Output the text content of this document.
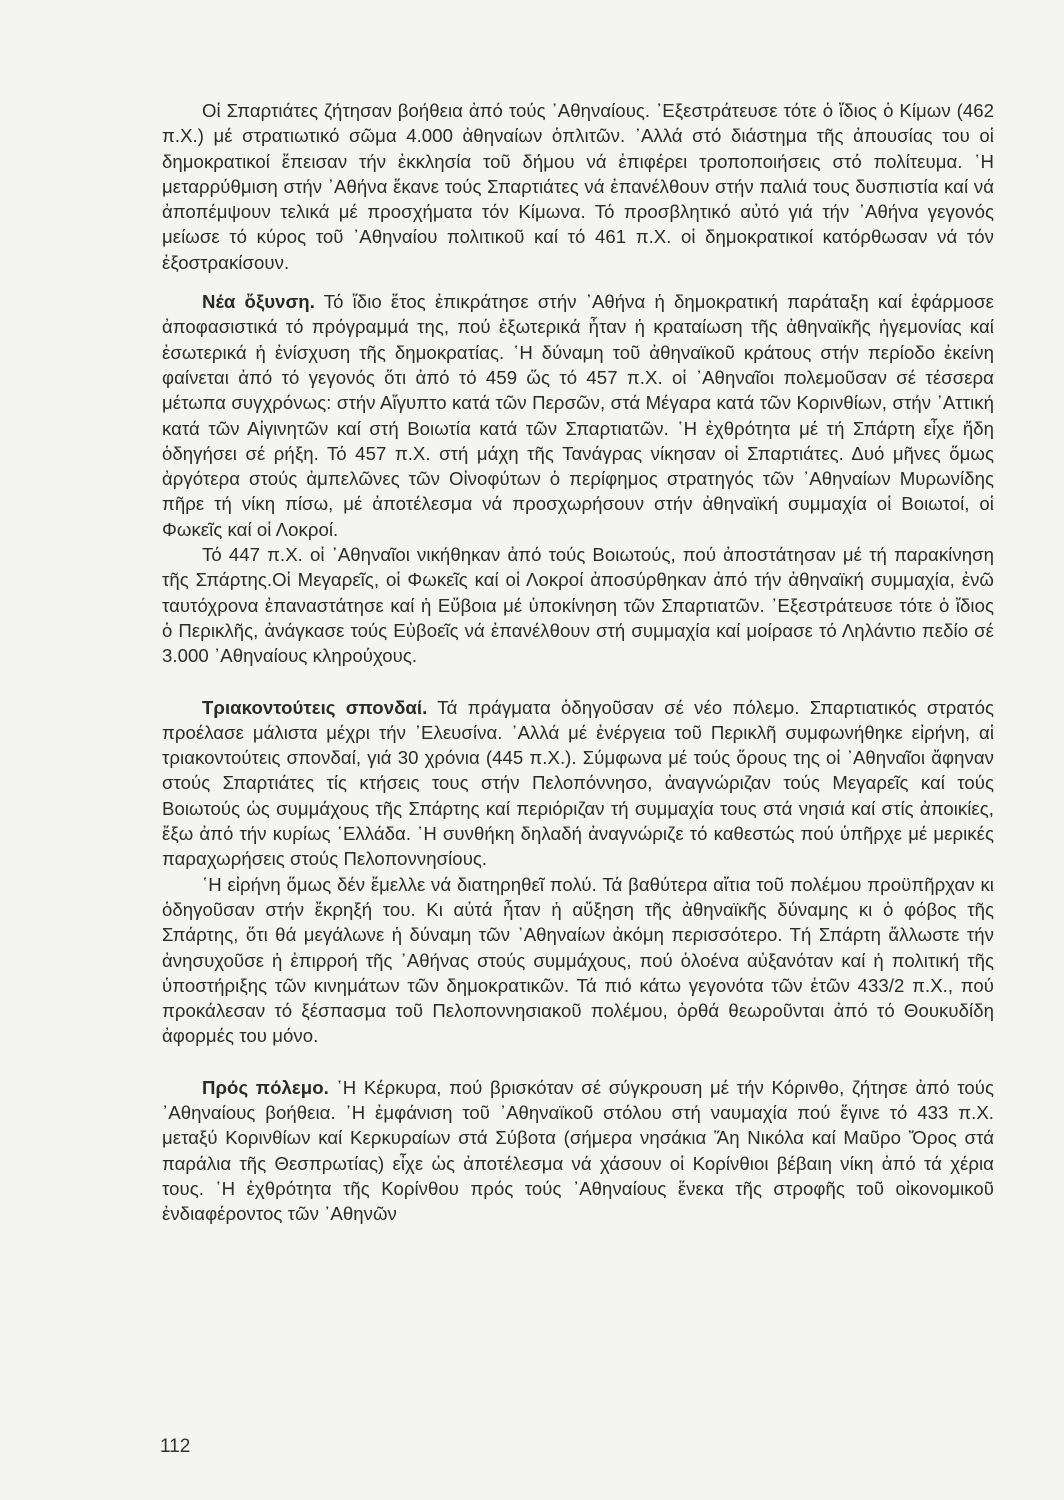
Οἱ Σπαρτιάτες ζήτησαν βοήθεια ἀπό τούς ᾿Αθηναίους. ᾿Εξεστράτευσε τότε ὁ ἴδιος ὁ Κίμων (462 π.Χ.) μέ στρατιωτικό σῶμα 4.000 ἀθηναίων ὁπλιτῶν. ᾿Αλλά στό διάστημα τῆς ἀπουσίας του οἱ δημοκρατικοί ἔπεισαν τήν ἐκκλησία τοῦ δήμου νά ἐπιφέρει τροποποιήσεις στό πολίτευμα. ῾Η μεταρρύθμιση στήν ᾿Αθήνα ἔκανε τούς Σπαρτιάτες νά ἐπανέλθουν στήν παλιά τους δυσπιστία καί νά ἀποπέμψουν τελικά μέ προσχήματα τόν Κίμωνα. Τό προσβλητικό αὐτό γιά τήν ᾿Αθήνα γεγονός μείωσε τό κύρος τοῦ ᾿Αθηναίου πολιτικοῦ καί τό 461 π.Χ. οἱ δημοκρατικοί κατόρθωσαν νά τόν ἐξοστρακίσουν.

Νέα ὄξυνση. Τό ἴδιο ἔτος ἐπικράτησε στήν ᾿Αθήνα ἡ δημοκρατική παράταξη καί ἐφάρμοσε ἀποφασιστικά τό πρόγραμμά της, πού ἐξωτερικά ἦταν ἡ κραταίωση τῆς ἀθηναϊκῆς ἡγεμονίας καί ἐσωτερικά ἡ ἐνίσχυση τῆς δημοκρατίας. ῾Η δύναμη τοῦ ἀθηναϊκοῦ κράτους στήν περίοδο ἐκείνη φαίνεται ἀπό τό γεγονός ὅτι ἀπό τό 459 ὥς τό 457 π.Χ. οἱ ᾿Αθηναῖοι πολεμοῦσαν σέ τέσσερα μέτωπα συγχρόνως: στήν Αἴγυπτο κατά τῶν Περσῶν, στά Μέγαρα κατά τῶν Κορινθίων, στήν ᾿Αττική κατά τῶν Αἰγινητῶν καί στή Βοιωτία κατά τῶν Σπαρτιατῶν. ῾Η ἐχθρότητα μέ τή Σπάρτη εἶχε ἤδη ὁδηγήσει σέ ρήξη. Τό 457 π.Χ. στή μάχη τῆς Τανάγρας νίκησαν οἱ Σπαρτιάτες. Δυό μῆνες ὅμως ἀργότερα στούς ἀμπελῶνες τῶν Οἰνοφύτων ὁ περίφημος στρατηγός τῶν ᾿Αθηναίων Μυρωνίδης πῆρε τή νίκη πίσω, μέ ἀποτέλεσμα νά προσχωρήσουν στήν ἀθηναϊκή συμμαχία οἱ Βοιωτοί, οἱ Φωκεῖς καί οἱ Λοκροί.

Τό 447 π.Χ. οἱ ᾿Αθηναῖοι νικήθηκαν ἀπό τούς Βοιωτούς, πού ἀποστάτησαν μέ τή παρακίνηση τῆς Σπάρτης.Οἱ Μεγαρεῖς, οἱ Φωκεῖς καί οἱ Λοκροί ἀποσύρθηκαν ἀπό τήν ἀθηναϊκή συμμαχία, ἐνῶ ταυτόχρονα ἐπαναστάτησε καί ἡ Εὔβοια μέ ὑποκίνηση τῶν Σπαρτιατῶν. ᾿Εξεστράτευσε τότε ὁ ἴδιος ὁ Περικλῆς, ἀνάγκασε τούς Εὐβοεῖς νά ἐπανέλθουν στή συμμαχία καί μοίρασε τό Ληλάντιο πεδίο σέ 3.000 ᾿Αθηναίους κληρούχους.

Τριακοντούτεις σπονδαί. Τά πράγματα ὁδηγοῦσαν σέ νέο πόλεμο. Σπαρτιατικός στρατός προέλασε μάλιστα μέχρι τήν ᾿Ελευσίνα. ᾿Αλλά μέ ἐνέργεια τοῦ Περικλῆ συμφωνήθηκε εἰρήνη, αἱ τριακοντούτεις σπονδαί, γιά 30 χρόνια (445 π.Χ.). Σύμφωνα μέ τούς ὅρους της οἱ ᾿Αθηναῖοι ἄφηναν στούς Σπαρτιάτες τίς κτήσεις τους στήν Πελοπόννησο, ἀναγνώριζαν τούς Μεγαρεῖς καί τούς Βοιωτούς ὡς συμμάχους τῆς Σπάρτης καί περιόριζαν τή συμμαχία τους στά νησιά καί στίς ἀποικίες, ἔξω ἀπό τήν κυρίως ῾Ελλάδα. ῾Η συνθήκη δηλαδή ἀναγνώριζε τό καθεστώς πού ὑπῆρχε μέ μερικές παραχωρήσεις στούς Πελοποννησίους.

῾Η εἰρήνη ὅμως δέν ἔμελλε νά διατηρηθεῖ πολύ. Τά βαθύτερα αἴτια τοῦ πολέμου προϋπῆρχαν κι ὁδηγοῦσαν στήν ἔκρηξή του. Κι αὐτά ἦταν ἡ αὔξηση τῆς ἀθηναϊκῆς δύναμης κι ὁ φόβος τῆς Σπάρτης, ὅτι θά μεγάλωνε ἡ δύναμη τῶν ᾿Αθηναίων ἀκόμη περισσότερο. Τή Σπάρτη ἄλλωστε τήν ἀνησυχοῦσε ἡ ἐπιρροή τῆς ᾿Αθήνας στούς συμμάχους, πού ὁλοένα αὐξανόταν καί ἡ πολιτική τῆς ὑποστήριξης τῶν κινημάτων τῶν δημοκρατικῶν. Τά πιό κάτω γεγονότα τῶν ἐτῶν 433/2 π.Χ., πού προκάλεσαν τό ξέσπασμα τοῦ Πελοποννησιακοῦ πολέμου, ὀρθά θεωροῦνται ἀπό τό Θουκυδίδη ἀφορμές του μόνο.

Πρός πόλεμο. ῾Η Κέρκυρα, πού βρισκόταν σέ σύγκρουση μέ τήν Κόρινθο, ζήτησε ἀπό τούς ᾿Αθηναίους βοήθεια. ῾Η ἐμφάνιση τοῦ ᾿Αθηναϊκοῦ στόλου στή ναυμαχία πού ἔγινε τό 433 π.Χ. μεταξύ Κορινθίων καί Κερκυραίων στά Σύβοτα (σήμερα νησάκια Ἅη Νικόλα καί Μαῦρο Ὄρος στά παράλια τῆς Θεσπρωτίας) εἶχε ὡς ἀποτέλεσμα νά χάσουν οἱ Κορίνθιοι βέβαιη νίκη ἀπό τά χέρια τους. ῾Η ἐχθρότητα τῆς Κορίνθου πρός τούς ᾿Αθηναίους ἕνεκα τῆς στροφῆς τοῦ οἰκονομικοῦ ἐνδιαφέροντος τῶν ᾿Αθηνῶν

112
